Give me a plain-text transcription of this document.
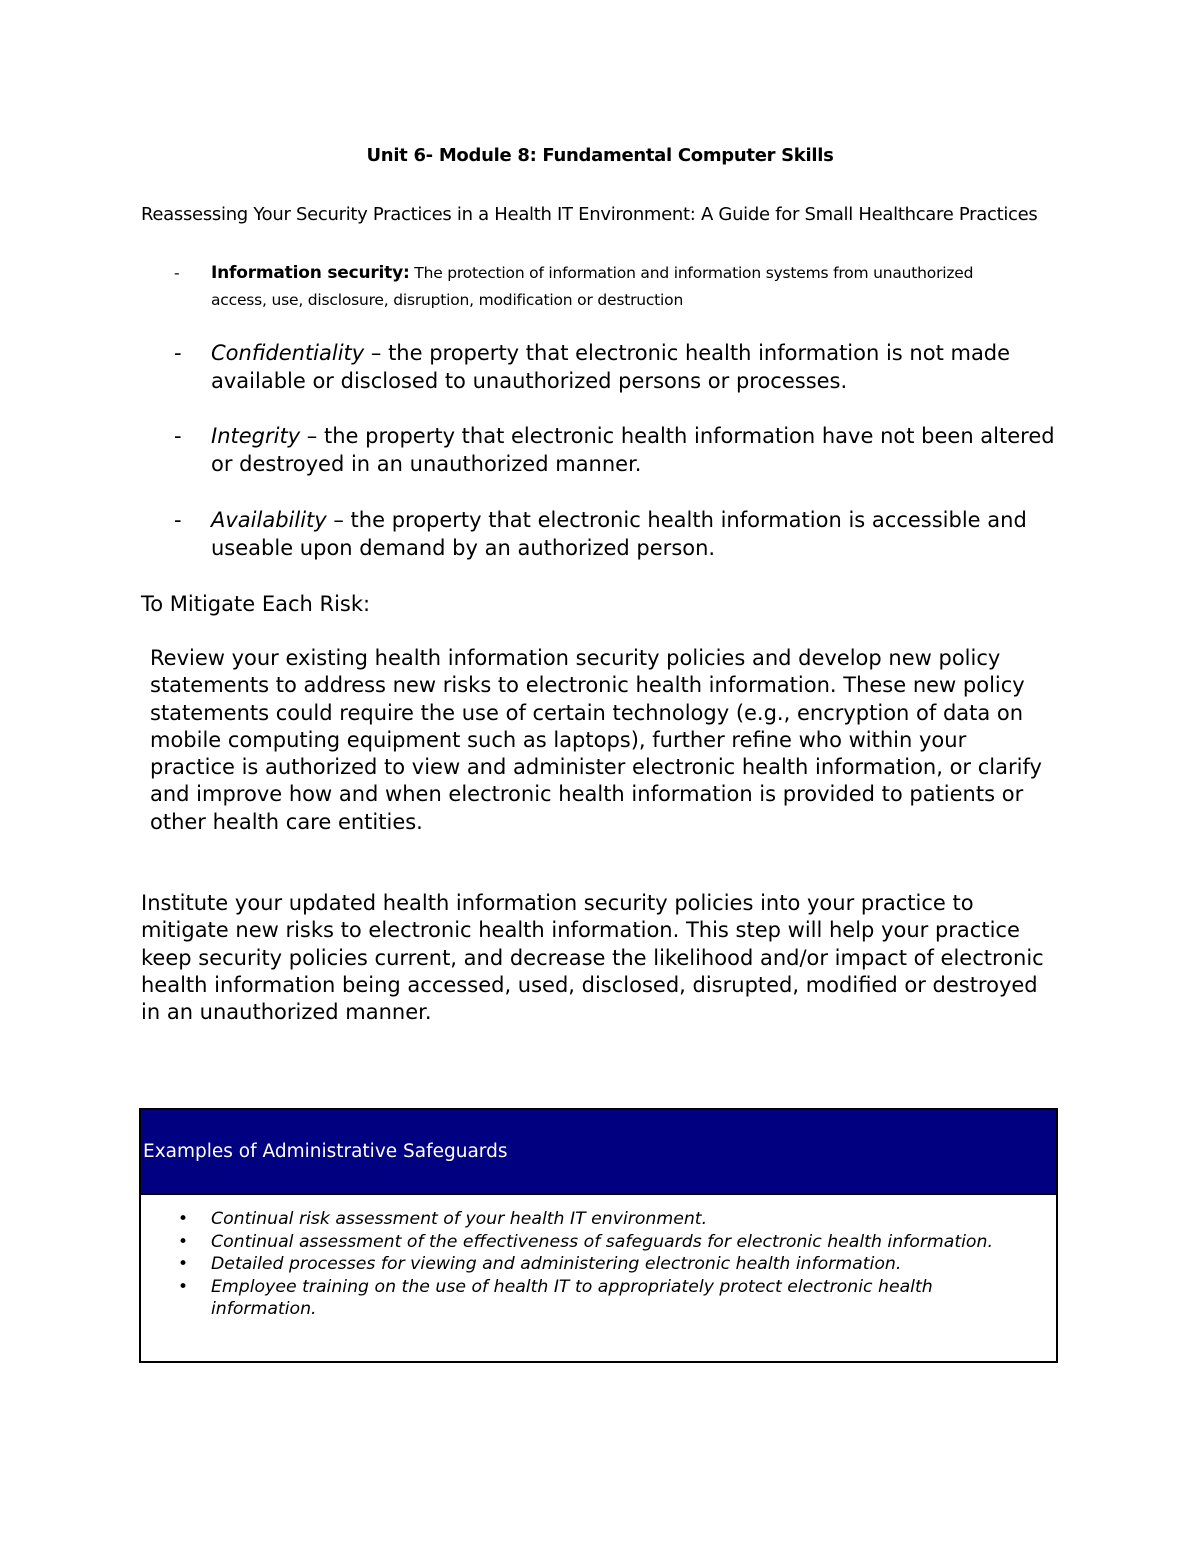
Unit 6- Module 8: Fundamental Computer Skills
Reassessing Your Security Practices in a Health IT Environment: A Guide for Small Healthcare Practices
- Information security: The protection of information and information systems from unauthorized access, use, disclosure, disruption, modification or destruction
- Confidentiality – the property that electronic health information is not made available or disclosed to unauthorized persons or processes.
- Integrity – the property that electronic health information have not been altered or destroyed in an unauthorized manner.
- Availability – the property that electronic health information is accessible and useable upon demand by an authorized person.
To Mitigate Each Risk:
Review your existing health information security policies and develop new policy statements to address new risks to electronic health information. These new policy statements could require the use of certain technology (e.g., encryption of data on mobile computing equipment such as laptops), further refine who within your practice is authorized to view and administer electronic health information, or clarify and improve how and when electronic health information is provided to patients or other health care entities.
Institute your updated health information security policies into your practice to mitigate new risks to electronic health information. This step will help your practice keep security policies current, and decrease the likelihood and/or impact of electronic health information being accessed, used, disclosed, disrupted, modified or destroyed in an unauthorized manner.
Examples of Administrative Safeguards
• Continual risk assessment of your health IT environment.
• Continual assessment of the effectiveness of safeguards for electronic health information.
• Detailed processes for viewing and administering electronic health information.
• Employee training on the use of health IT to appropriately protect electronic health information.
